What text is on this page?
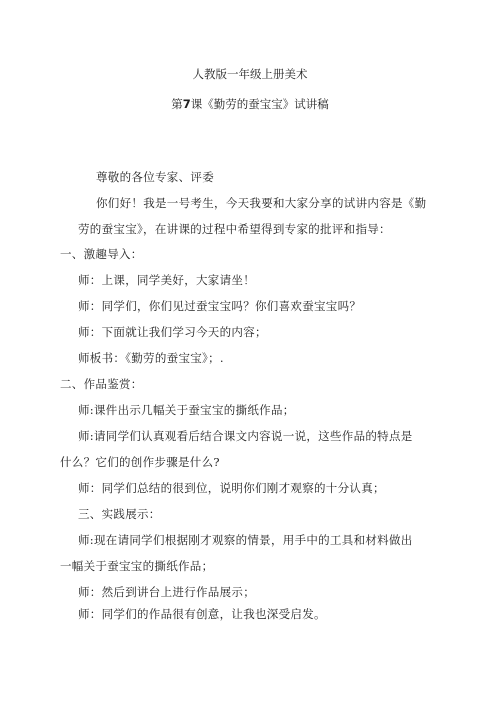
人教版一年级上册美术
第7课《勤劳的蚕宝宝》试讲稿
尊敬的各位专家、评委
你们好！我是一号考生，今天我要和大家分享的试讲内容是《勤
劳的蚕宝宝》，在讲课的过程中希望得到专家的批评和指导：
一、激趣导入：
师：上课，同学美好，大家请坐！
师：同学们，你们见过蚕宝宝吗？你们喜欢蚕宝宝吗？
师：下面就让我们学习今天的内容；
师板书：《勤劳的蚕宝宝》；.
二、作品鉴赏：
师:课件出示几幅关于蚕宝宝的撕纸作品；
师:请同学们认真观看后结合课文内容说一说，这些作品的特点是
什么？它们的创作步骤是什么?
师：同学们总结的很到位，说明你们刚才观察的十分认真；
三、实践展示：
师:现在请同学们根据刚才观察的情景，用手中的工具和材料做出
一幅关于蚕宝宝的撕纸作品；
师：然后到讲台上进行作品展示；
师：同学们的作品很有创意，让我也深受启发。
